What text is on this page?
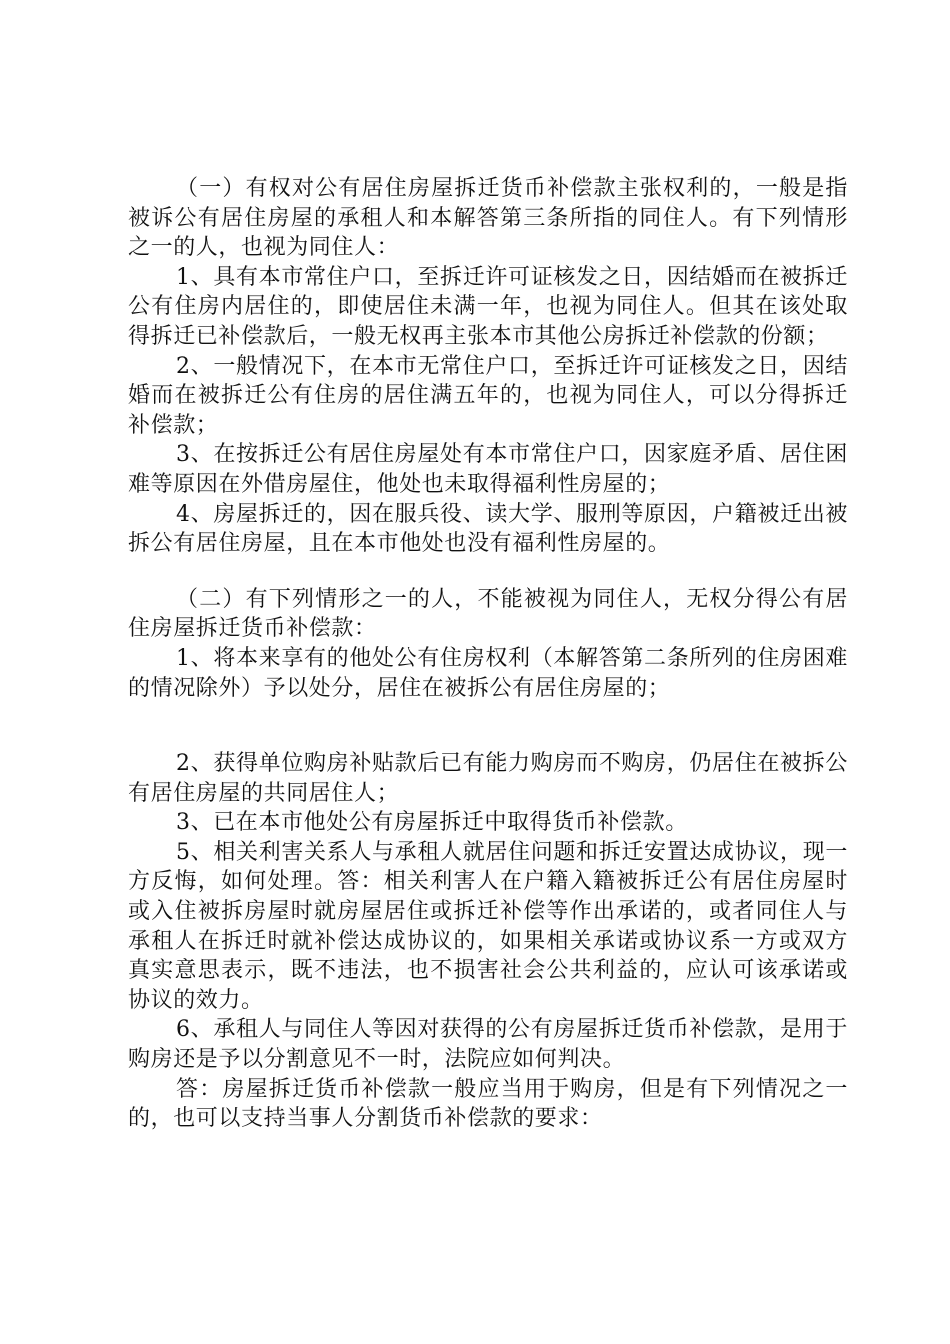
（一）有权对公有居住房屋拆迁货币补偿款主张权利的，一般是指被诉公有居住房屋的承租人和本解答第三条所指的同住人。有下列情形之一的人，也视为同住人：

1、具有本市常住户口，至拆迁许可证核发之日，因结婚而在被拆迁公有住房内居住的，即使居住未满一年，也视为同住人。但其在该处取得拆迁已补偿款后，一般无权再主张本市其他公房拆迁补偿款的份额；

2、一般情况下，在本市无常住户口，至拆迁许可证核发之日，因结婚而在被拆迁公有住房的居住满五年的，也视为同住人，可以分得拆迁补偿款；

3、在按拆迁公有居住房屋处有本市常住户口，因家庭矛盾、居住困难等原因在外借房屋住，他处也未取得福利性房屋的；

4、房屋拆迁的，因在服兵役、读大学、服刑等原因，户籍被迁出被拆公有居住房屋，且在本市他处也没有福利性房屋的。

（二）有下列情形之一的人，不能被视为同住人，无权分得公有居住房屋拆迁货币补偿款：

1、将本来享有的他处公有住房权利（本解答第二条所列的住房困难的情况除外）予以处分，居住在被拆公有居住房屋的；

2、获得单位购房补贴款后已有能力购房而不购房，仍居住在被拆公有居住房屋的共同居住人；

3、已在本市他处公有房屋拆迁中取得货币补偿款。

5、相关利害关系人与承租人就居住问题和拆迁安置达成协议，现一方反悔，如何处理。答：相关利害人在户籍入籍被拆迁公有居住房屋时或入住被拆房屋时就房屋居住或拆迁补偿等作出承诺的，或者同住人与承租人在拆迁时就补偿达成协议的，如果相关承诺或协议系一方或双方真实意思表示，既不违法，也不损害社会公共利益的，应认可该承诺或协议的效力。

6、承租人与同住人等因对获得的公有房屋拆迁货币补偿款，是用于购房还是予以分割意见不一时，法院应如何判决。

答：房屋拆迁货币补偿款一般应当用于购房，但是有下列情况之一的，也可以支持当事人分割货币补偿款的要求：
